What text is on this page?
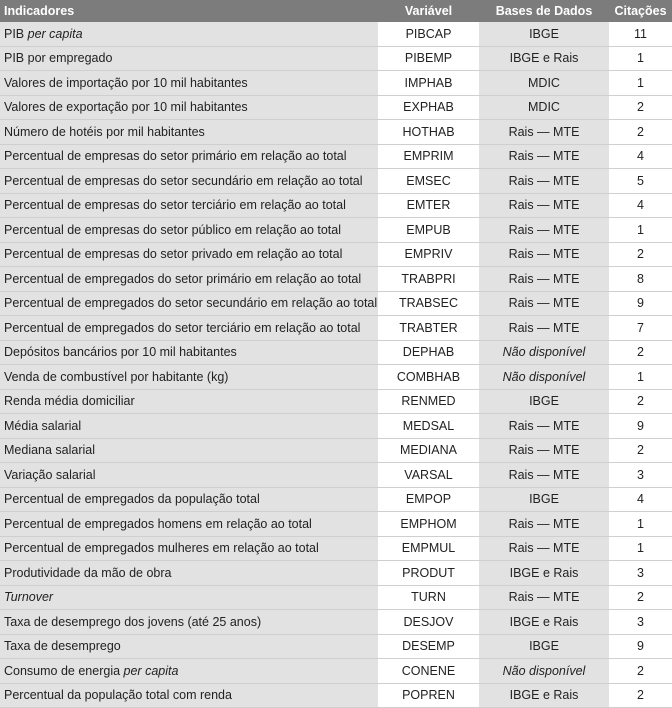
Indicadores	Variável	Bases de Dados	Citações
PIB per capita	PIBCAP	IBGE	11
PIB por empregado	PIBEMP	IBGE e Rais	1
Valores de importação por 10 mil habitantes	IMPHAB	MDIC	1
Valores de exportação por 10 mil habitantes	EXPHAB	MDIC	2
Número de hotéis por mil habitantes	HOTHAB	Rais — MTE	2
Percentual de empresas do setor primário em relação ao total	EMPRIM	Rais — MTE	4
Percentual de empresas do setor secundário em relação ao total	EMSEC	Rais — MTE	5
Percentual de empresas do setor terciário em relação ao total	EMTER	Rais — MTE	4
Percentual de empresas do setor público em relação ao total	EMPUB	Rais — MTE	1
Percentual de empresas do setor privado em relação ao total	EMPRIV	Rais — MTE	2
Percentual de empregados do setor primário em relação ao total	TRABPRI	Rais — MTE	8
Percentual de empregados do setor secundário em relação ao total	TRABSEC	Rais — MTE	9
Percentual de empregados do setor terciário em relação ao total	TRABTER	Rais — MTE	7
Depósitos bancários por 10 mil habitantes	DEPHAB	Não disponível	2
Venda de combustível por habitante (kg)	COMBHAB	Não disponível	1
Renda média domiciliar	RENMED	IBGE	2
Média salarial	MEDSAL	Rais — MTE	9
Mediana salarial	MEDIANA	Rais — MTE	2
Variação salarial	VARSAL	Rais — MTE	3
Percentual de empregados da população total	EMPOP	IBGE	4
Percentual de empregados homens em relação ao total	EMPHOM	Rais — MTE	1
Percentual de empregados mulheres em relação ao total	EMPMUL	Rais — MTE	1
Produtividade da mão de obra	PRODUT	IBGE e Rais	3
Turnover	TURN	Rais — MTE	2
Taxa de desemprego dos jovens (até 25 anos)	DESJOV	IBGE e Rais	3
Taxa de desemprego	DESEMP	IBGE	9
Consumo de energia per capita	CONENE	Não disponível	2
Percentual da população total com renda	POPREN	IBGE e Rais	2
